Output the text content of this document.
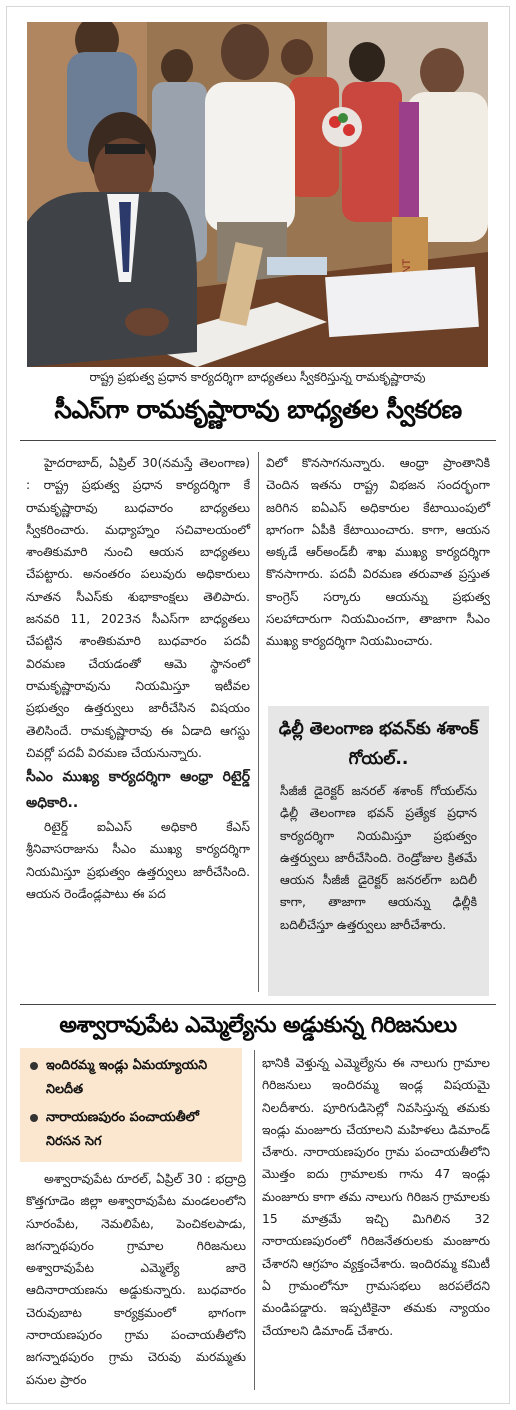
రాష్ట్ర ప్రభుత్వ ప్రధాన కార్యదర్శిగా బాధ్యతలు స్వీకరిస్తున్న రామకృష్ణారావు
సీఎస్‌గా రామకృష్ణారావు బాధ్యతల స్వీకరణ

హైదరాబాద్, ఏప్రిల్ 30(నమస్తే తెలంగాణ) : రాష్ట్ర ప్రభుత్వ ప్రధాన కార్యదర్శిగా కే రామకృష్ణారావు బుధవారం బాధ్యతలు స్వీకరించారు. మధ్యాహ్నం సచివాలయంలో శాంతికుమారి నుంచి ఆయన బాధ్యతలు చేపట్టారు. అనంతరం పలువురు అధికారులు నూతన సీఎస్‌కు శుభాకాంక్షలు తెలిపారు. జనవరి 11, 2023న సీఎస్‌గా బాధ్యతలు చేపట్టిన శాంతికుమారి బుధవారం పదవీ విరమణ చేయడంతో ఆమె స్థానంలో రామకృష్ణారావును నియమిస్తూ ఇటీవల ప్రభుత్వం ఉత్తర్వులు జారీచేసిన విషయం తెలిసిందే. రామకృష్ణారావు ఈ ఏడాది ఆగస్టు చివర్లో పదవీ విరమణ చేయనున్నారు.

సీఎం ముఖ్య కార్యదర్శిగా ఆంధ్రా రిటైర్డ్ అధికారి..

రిటైర్డ్ ఐఏఎస్ అధికారి కేఎస్ శ్రీనివాసరాజును సీఎం ముఖ్య కార్యదర్శిగా నియమిస్తూ ప్రభుత్వం ఉత్తర్వులు జారీచేసింది. ఆయన రెండేండ్లపాటు ఈ పద

విలో కొనసాగనున్నారు. ఆంధ్రా ప్రాంతానికి చెందిన ఇతను రాష్ట్ర విభజన సందర్భంగా జరిగిన ఐఏఎస్ అధికారుల కేటాయింపులో భాగంగా ఏపీకి కేటాయించారు. కాగా, ఆయన అక్కడే ఆర్‌అండ్‌బీ శాఖ ముఖ్య కార్యదర్శిగా కొనసాగారు. పదవీ విరమణ తరువాత ప్రస్తుత కాంగ్రెస్ సర్కారు ఆయన్ను ప్రభుత్వ సలహాదారుగా నియమించగా, తాజాగా సీఎం ముఖ్య కార్యదర్శిగా నియమించారు.

ఢిల్లీ తెలంగాణ భవన్‌కు శశాంక్ గోయల్..
సీజీజీ డైరెక్టర్ జనరల్ శశాంక్ గోయల్‌ను ఢిల్లీ తెలంగాణ భవన్ ప్రత్యేక ప్రధాన కార్యదర్శిగా నియమిస్తూ ప్రభుత్వం ఉత్తర్వులు జారీచేసింది. రెండ్రోజుల క్రితమే ఆయన సీజీజీ డైరెక్టర్ జనరల్‌గా బదిలీ కాగా, తాజాగా ఆయన్ను ఢిల్లీకి బదిలీచేస్తూ ఉత్తర్వులు జారీచేశారు.
అశ్వారావుపేట ఎమ్మెల్యేను అడ్డుకున్న గిరిజనులు
ఇందిరమ్మ ఇండ్లు ఏమయ్యాయని నిలదీత
నారాయణపురం పంచాయతీలో నిరసన సెగ

అశ్వారావుపేట రూరల్, ఏప్రిల్ 30 : భద్రాద్రి కొత్తగూడెం జిల్లా అశ్వారావుపేట మండలంలోని సూరంపేట, నెమలిపేట, పెంచికలపాడు, జగన్నాథపురం గ్రామాల గిరిజనులు అశ్వారావుపేట ఎమ్మెల్యే జారె ఆదినారాయణను అడ్డుకున్నారు. బుధవారం చెరువుబాట కార్యక్రమంలో భాగంగా నారాయణపురం గ్రామ పంచాయతీలోని జగన్నాథపురం గ్రామ చెరువు మరమ్మతు పనుల ప్రారం

భానికి వెళ్తున్న ఎమ్మెల్యేను ఈ నాలుగు గ్రామాల గిరిజనులు ఇందిరమ్మ ఇండ్ల విషయమై నిలదీశారు. పూరిగుడిసెల్లో నివసిస్తున్న తమకు ఇండ్లు మంజూరు చేయాలని మహిళలు డిమాండ్ చేశారు. నారాయణపురం గ్రామ పంచాయతీలోని మొత్తం ఐదు గ్రామాలకు గాను 47 ఇండ్లు మంజూరు కాగా తమ నాలుగు గిరిజన గ్రామాలకు 15 మాత్రమే ఇచ్చి మిగిలిన 32 నారాయణపురంలో గిరిజనేతరులకు మంజూరు చేశారని ఆగ్రహం వ్యక్తంచేశారు. ఇందిరమ్మ కమిటీ ఏ గ్రామంలోనూ గ్రామసభలు జరపలేదని మండిపడ్డారు. ఇప్పటికైనా తమకు న్యాయం చేయాలని డిమాండ్ చేశారు.
